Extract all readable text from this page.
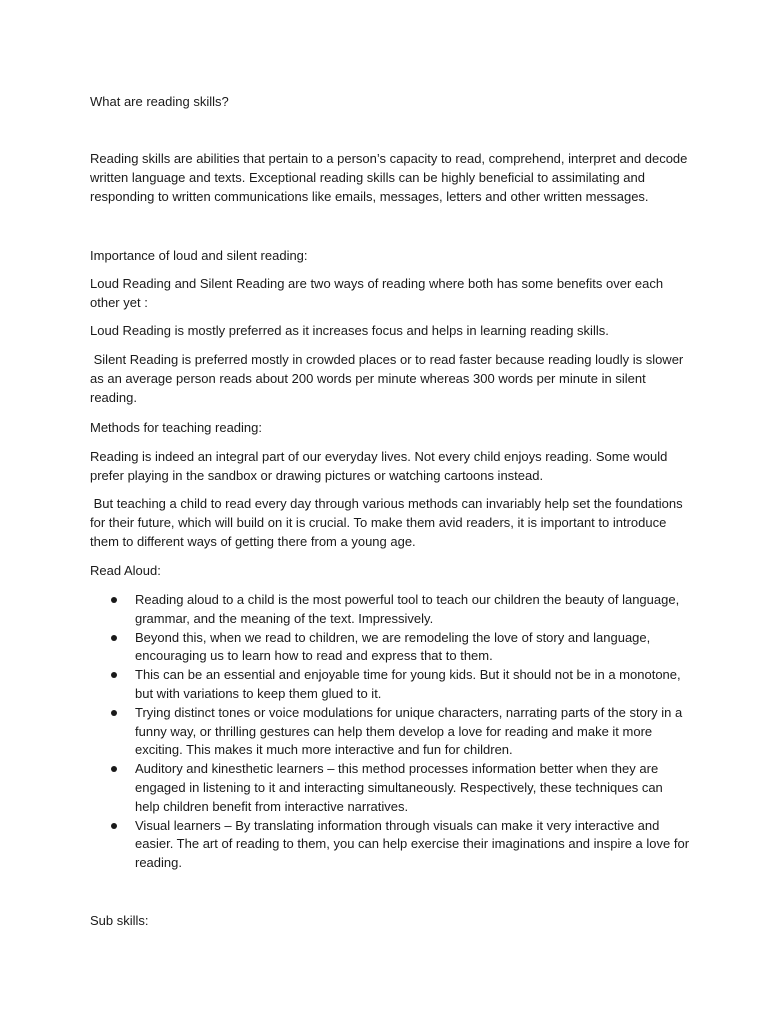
What are reading skills?

Reading skills are abilities that pertain to a person’s capacity to read, comprehend, interpret and decode written language and texts. Exceptional reading skills can be highly beneficial to assimilating and responding to written communications like emails, messages, letters and other written messages.

Importance of loud and silent reading:

Loud Reading and Silent Reading are two ways of reading where both has some benefits over each other yet :

Loud Reading is mostly preferred as it increases focus and helps in learning reading skills.

Silent Reading is preferred mostly in crowded places or to read faster because reading loudly is slower as an average person reads about 200 words per minute whereas 300 words per minute in silent reading.

Methods for teaching reading:

Reading is indeed an integral part of our everyday lives. Not every child enjoys reading. Some would prefer playing in the sandbox or drawing pictures or watching cartoons instead.

But teaching a child to read every day through various methods can invariably help set the foundations for their future, which will build on it is crucial. To make them avid readers, it is important to introduce them to different ways of getting there from a young age.

Read Aloud:

Reading aloud to a child is the most powerful tool to teach our children the beauty of language, grammar, and the meaning of the text. Impressively.
Beyond this, when we read to children, we are remodeling the love of story and language, encouraging us to learn how to read and express that to them.
This can be an essential and enjoyable time for young kids. But it should not be in a monotone, but with variations to keep them glued to it.
Trying distinct tones or voice modulations for unique characters, narrating parts of the story in a funny way, or thrilling gestures can help them develop a love for reading and make it more exciting. This makes it much more interactive and fun for children.
Auditory and kinesthetic learners – this method processes information better when they are engaged in listening to it and interacting simultaneously. Respectively, these techniques can help children benefit from interactive narratives.
Visual learners – By translating information through visuals can make it very interactive and easier. The art of reading to them, you can help exercise their imaginations and inspire a love for reading.

Sub skills:
